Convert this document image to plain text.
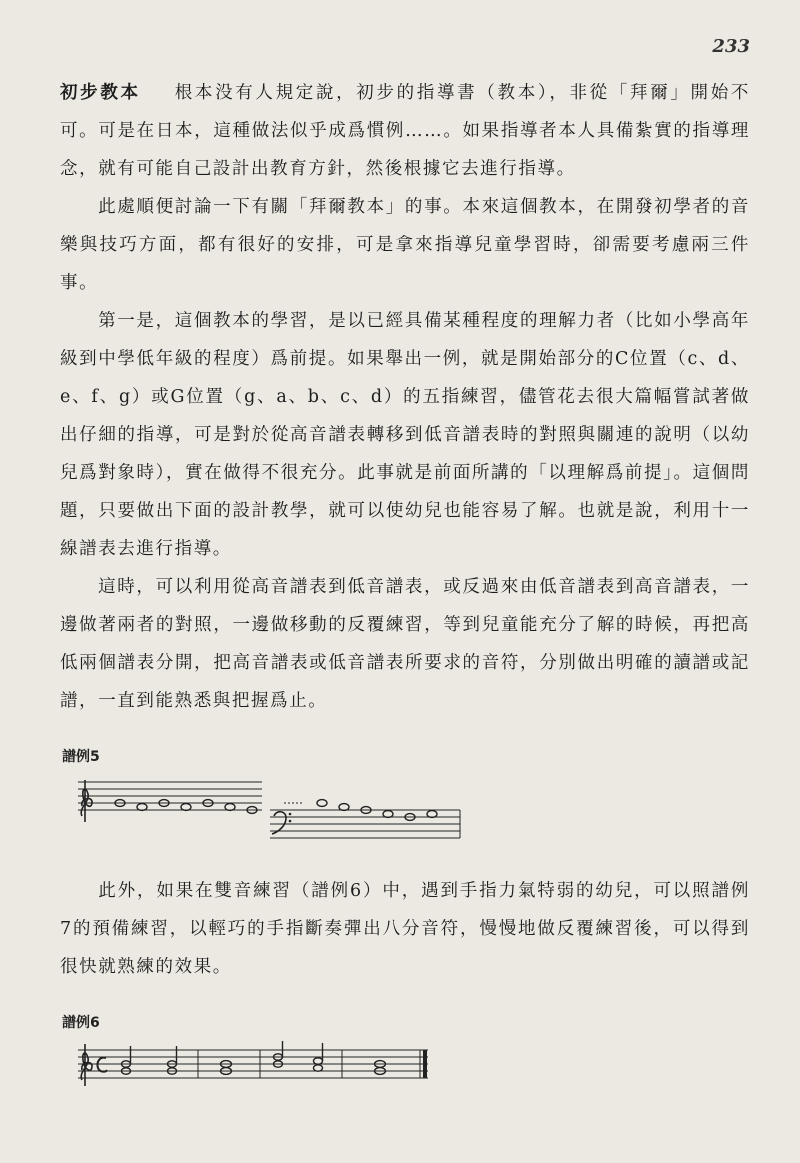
233

初步教本 根本没有人規定說，初步的指導書（教本），非從「拜爾」開始不可。可是在日本，這種做法似乎成爲慣例……。如果指導者本人具備紮實的指導理念，就有可能自己設計出教育方針，然後根據它去進行指導。

此處順便討論一下有關「拜爾教本」的事。本來這個教本，在開發初學者的音樂與技巧方面，都有很好的安排，可是拿來指導兒童學習時，卻需要考慮兩三件事。

第一是，這個教本的學習，是以已經具備某種程度的理解力者（比如小學高年級到中學低年級的程度）爲前提。如果舉出一例，就是開始部分的C位置（c、d、e、f、g）或G位置（g、a、b、c、d）的五指練習，儘管花去很大篇幅嘗試著做出仔細的指導，可是對於從高音譜表轉移到低音譜表時的對照與關連的說明（以幼兒爲對象時），實在做得不很充分。此事就是前面所講的「以理解爲前提」。這個問題，只要做出下面的設計教學，就可以使幼兒也能容易了解。也就是說，利用十一線譜表去進行指導。

這時，可以利用從高音譜表到低音譜表，或反過來由低音譜表到高音譜表，一邊做著兩者的對照，一邊做移動的反覆練習，等到兒童能充分了解的時候，再把高低兩個譜表分開，把高音譜表或低音譜表所要求的音符，分別做出明確的讀譜或記譜，一直到能熟悉與把握爲止。

譜例5

此外，如果在雙音練習（譜例6）中，遇到手指力氣特弱的幼兒，可以照譜例7的預備練習，以輕巧的手指斷奏彈出八分音符，慢慢地做反覆練習後，可以得到很快就熟練的效果。

譜例6
